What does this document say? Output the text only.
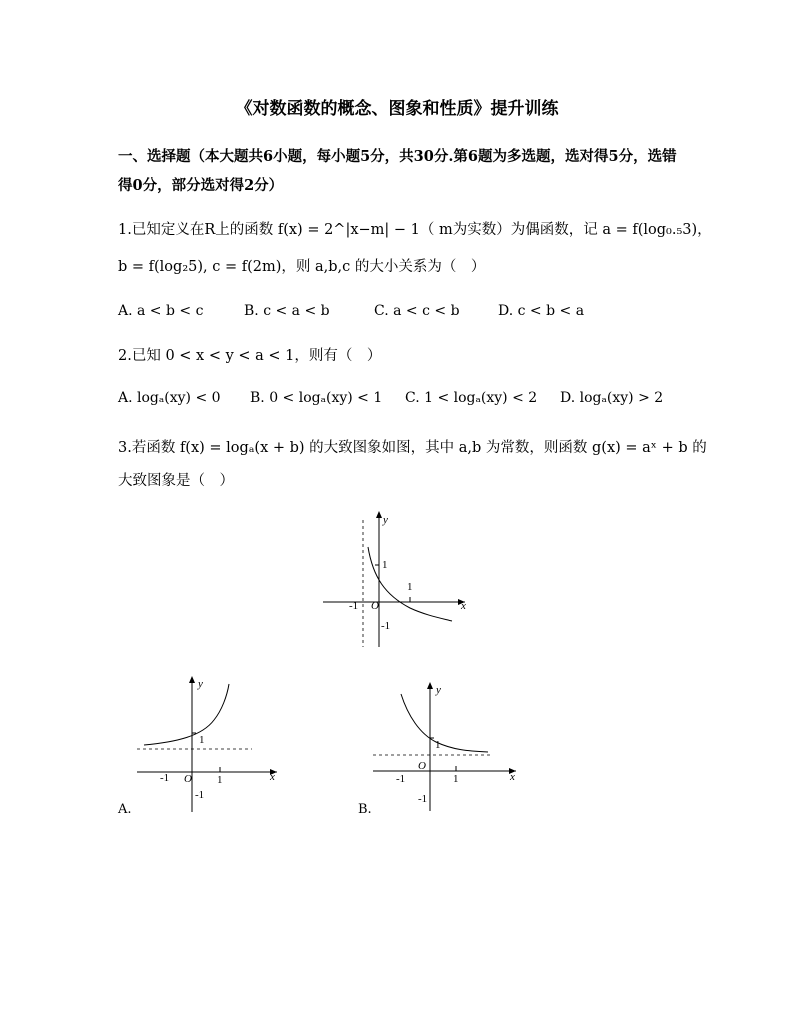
《对数函数的概念、图象和性质》提升训练
一、选择题（本大题共6小题，每小题5分，共30分.第6题为多选题，选对得5分，选错得0分，部分选对得2分）
1.已知定义在R上的函数 f(x) = 2^|x−m| − 1（ m为实数）为偶函数，记 a = f(log₀.₅3)，
b = f(log₂5), c = f(2m)，则 a,b,c 的大小关系为（　）
A. a < b < c	B. c < a < b	C. a < c < b	D. c < b < a
2.已知 0 < x < y < a < 1，则有（　）
A. logₐ(xy) < 0 B. 0 < logₐ(xy) < 1 C. 1 < logₐ(xy) < 2 D. logₐ(xy) > 2
3.若函数 f(x) = logₐ(x + b) 的大致图象如图，其中 a,b 为常数，则函数 g(x) = aˣ + b 的
大致图象是（　）
y
x
O
1
-1
1
-1
A.
y
x
O 1
-1
1
-1
B.
y
x
O
1
-1
1
-1
